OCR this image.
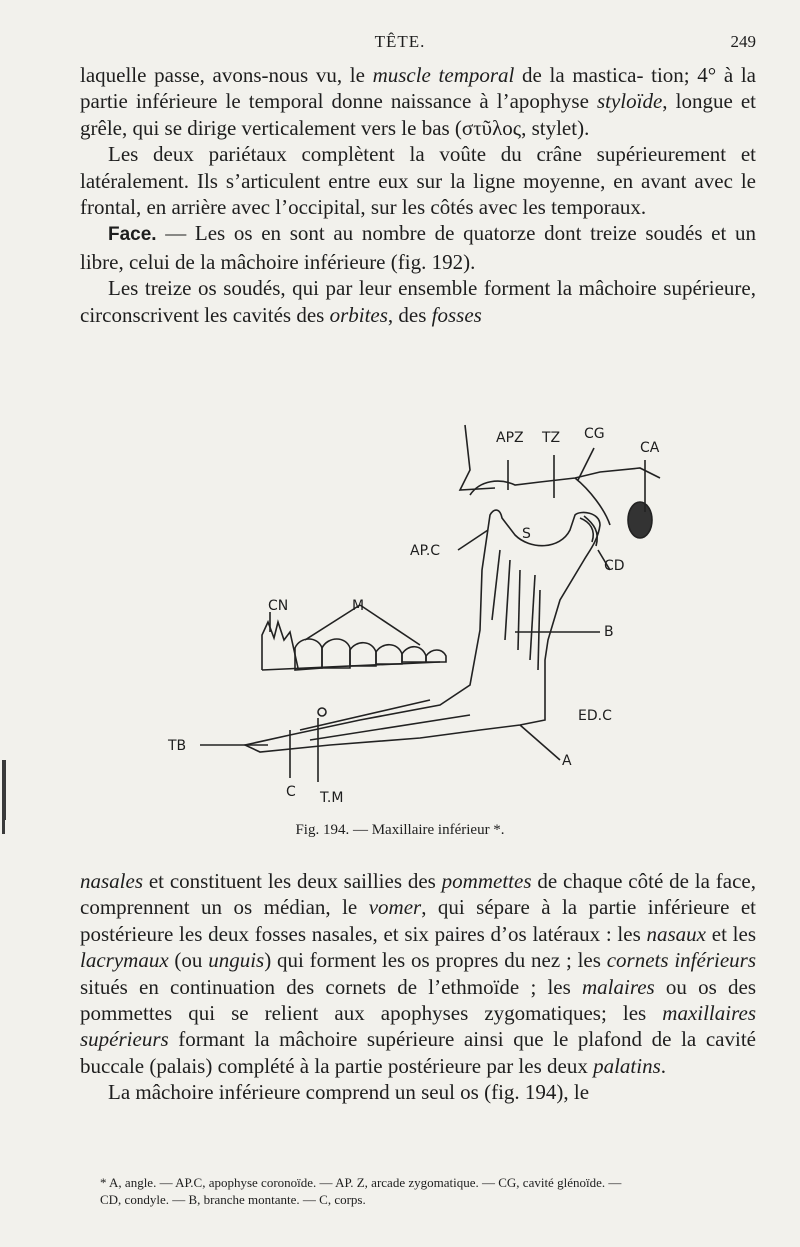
TÊTE.	249

laquelle passe, avons-nous vu, le muscle temporal de la mastica- tion; 4° à la partie inférieure le temporal donne naissance à l’apophyse styloïde, longue et grêle, qui se dirige verticalement vers le bas (στῦλος, stylet).

Les deux pariétaux complètent la voûte du crâne supérieurement et latéralement. Ils s’articulent entre eux sur la ligne moyenne, en avant avec le frontal, en arrière avec l’occipital, sur les côtés avec les temporaux.

Face. — Les os en sont au nombre de quatorze dont treize soudés et un libre, celui de la mâchoire inférieure (fig. 192).

Les treize os soudés, qui par leur ensemble forment la mâchoire supérieure, circonscrivent les cavités des orbites, des fosses

APZ TZ CG
CA
S
AP.C
CD
CN	M
B
ED.C
TB
A
C T.M
Fig. 194. — Maxillaire inférieur *.

nasales et constituent les deux saillies des pommettes de chaque côté de la face, comprennent un os médian, le vomer, qui sépare à la partie inférieure et postérieure les deux fosses nasales, et six paires d’os latéraux : les nasaux et les lacrymaux (ou unguis) qui forment les os propres du nez ; les cornets inférieurs situés en continuation des cornets de l’ethmoïde ; les malaires ou os des pommettes qui se relient aux apophyses zygomatiques; les maxillaires supérieurs formant la mâchoire supérieure ainsi que le plafond de la cavité buccale (palais) complété à la partie postérieure par les deux palatins.

La mâchoire inférieure comprend un seul os (fig. 194), le

* A, angle. — AP.C, apophyse coronoïde. — AP. Z, arcade zygomatique. — CG, cavité glénoïde. —

CD, condyle. — B, branche montante. — C, corps.
